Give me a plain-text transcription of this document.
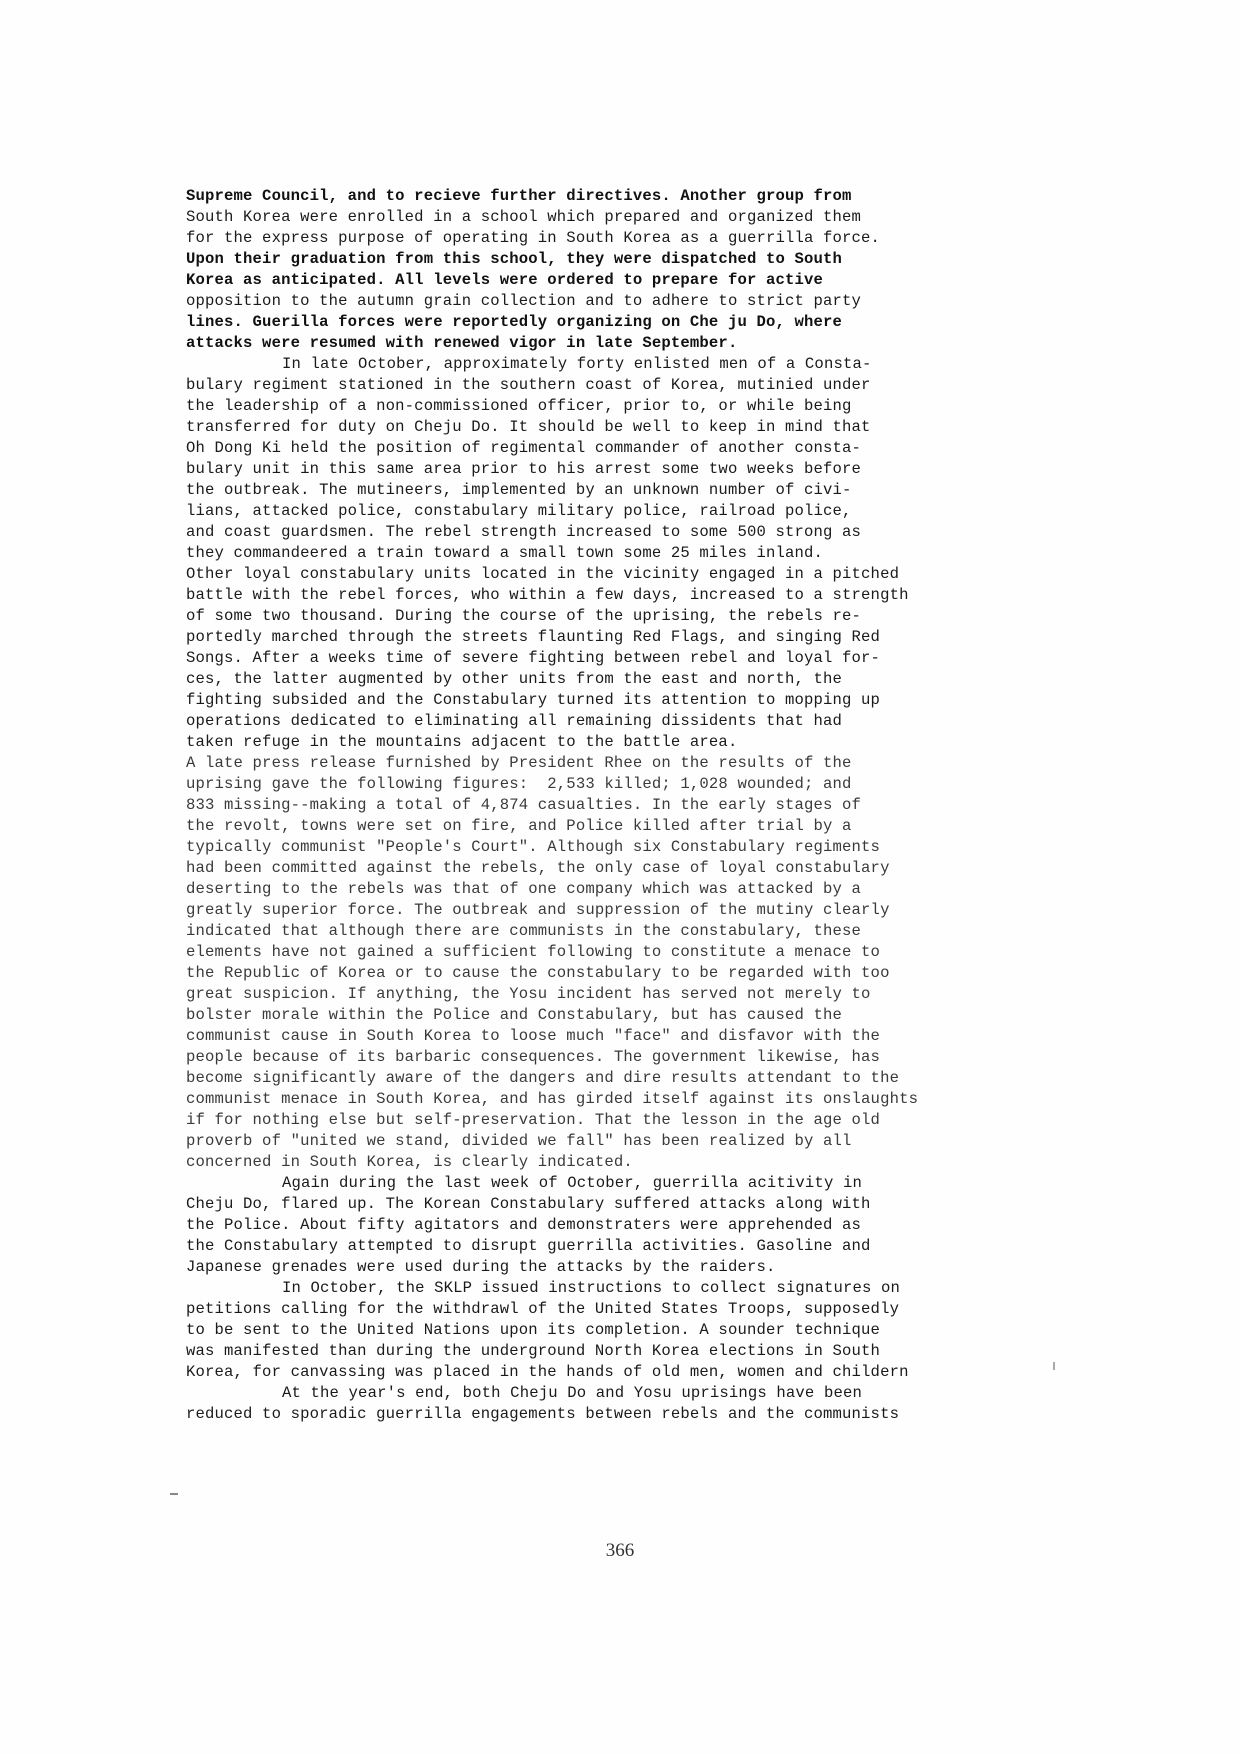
Supreme Council, and to recieve further directives. Another group from
South Korea were enrolled in a school which prepared and organized them
for the express purpose of operating in South Korea as a guerrilla force.
Upon their graduation from this school, they were dispatched to South
Korea as anticipated. All levels were ordered to prepare for active
opposition to the autumn grain collection and to adhere to strict party
lines. Guerilla forces were reportedly organizing on Che ju Do, where
attacks were resumed with renewed vigor in late September.
In late October, approximately forty enlisted men of a Consta-
bulary regiment stationed in the southern coast of Korea, mutinied under
the leadership of a non-commissioned officer, prior to, or while being
transferred for duty on Cheju Do. It should be well to keep in mind that
Oh Dong Ki held the position of regimental commander of another consta-
bulary unit in this same area prior to his arrest some two weeks before
the outbreak. The mutineers, implemented by an unknown number of civi-
lians, attacked police, constabulary military police, railroad police,
and coast guardsmen. The rebel strength increased to some 500 strong as
they commandeered a train toward a small town some 25 miles inland.
Other loyal constabulary units located in the vicinity engaged in a pitched
battle with the rebel forces, who within a few days, increased to a strength
of some two thousand. During the course of the uprising, the rebels re-
portedly marched through the streets flaunting Red Flags, and singing Red
Songs. After a weeks time of severe fighting between rebel and loyal for-
ces, the latter augmented by other units from the east and north, the
fighting subsided and the Constabulary turned its attention to mopping up
operations dedicated to eliminating all remaining dissidents that had
taken refuge in the mountains adjacent to the battle area.
A late press release furnished by President Rhee on the results of the
uprising gave the following figures:  2,533 killed; 1,028 wounded; and
833 missing--making a total of 4,874 casualties. In the early stages of
the revolt, towns were set on fire, and Police killed after trial by a
typically communist "People's Court". Although six Constabulary regiments
had been committed against the rebels, the only case of loyal constabulary
deserting to the rebels was that of one company which was attacked by a
greatly superior force. The outbreak and suppression of the mutiny clearly
indicated that although there are communists in the constabulary, these
elements have not gained a sufficient following to constitute a menace to
the Republic of Korea or to cause the constabulary to be regarded with too
great suspicion. If anything, the Yosu incident has served not merely to
bolster morale within the Police and Constabulary, but has caused the
communist cause in South Korea to loose much "face" and disfavor with the
people because of its barbaric consequences. The government likewise, has
become significantly aware of the dangers and dire results attendant to the
communist menace in South Korea, and has girded itself against its onslaughts
if for nothing else but self-preservation. That the lesson in the age old
proverb of "united we stand, divided we fall" has been realized by all
concerned in South Korea, is clearly indicated.
Again during the last week of October, guerrilla acitivity in
Cheju Do, flared up. The Korean Constabulary suffered attacks along with
the Police. About fifty agitators and demonstraters were apprehended as
the Constabulary attempted to disrupt guerrilla activities. Gasoline and
Japanese grenades were used during the attacks by the raiders.
In October, the SKLP issued instructions to collect signatures on
petitions calling for the withdrawl of the United States Troops, supposedly
to be sent to the United Nations upon its completion. A sounder technique
was manifested than during the underground North Korea elections in South
Korea, for canvassing was placed in the hands of old men, women and childern
At the year's end, both Cheju Do and Yosu uprisings have been
reduced to sporadic guerrilla engagements between rebels and the communists
366
